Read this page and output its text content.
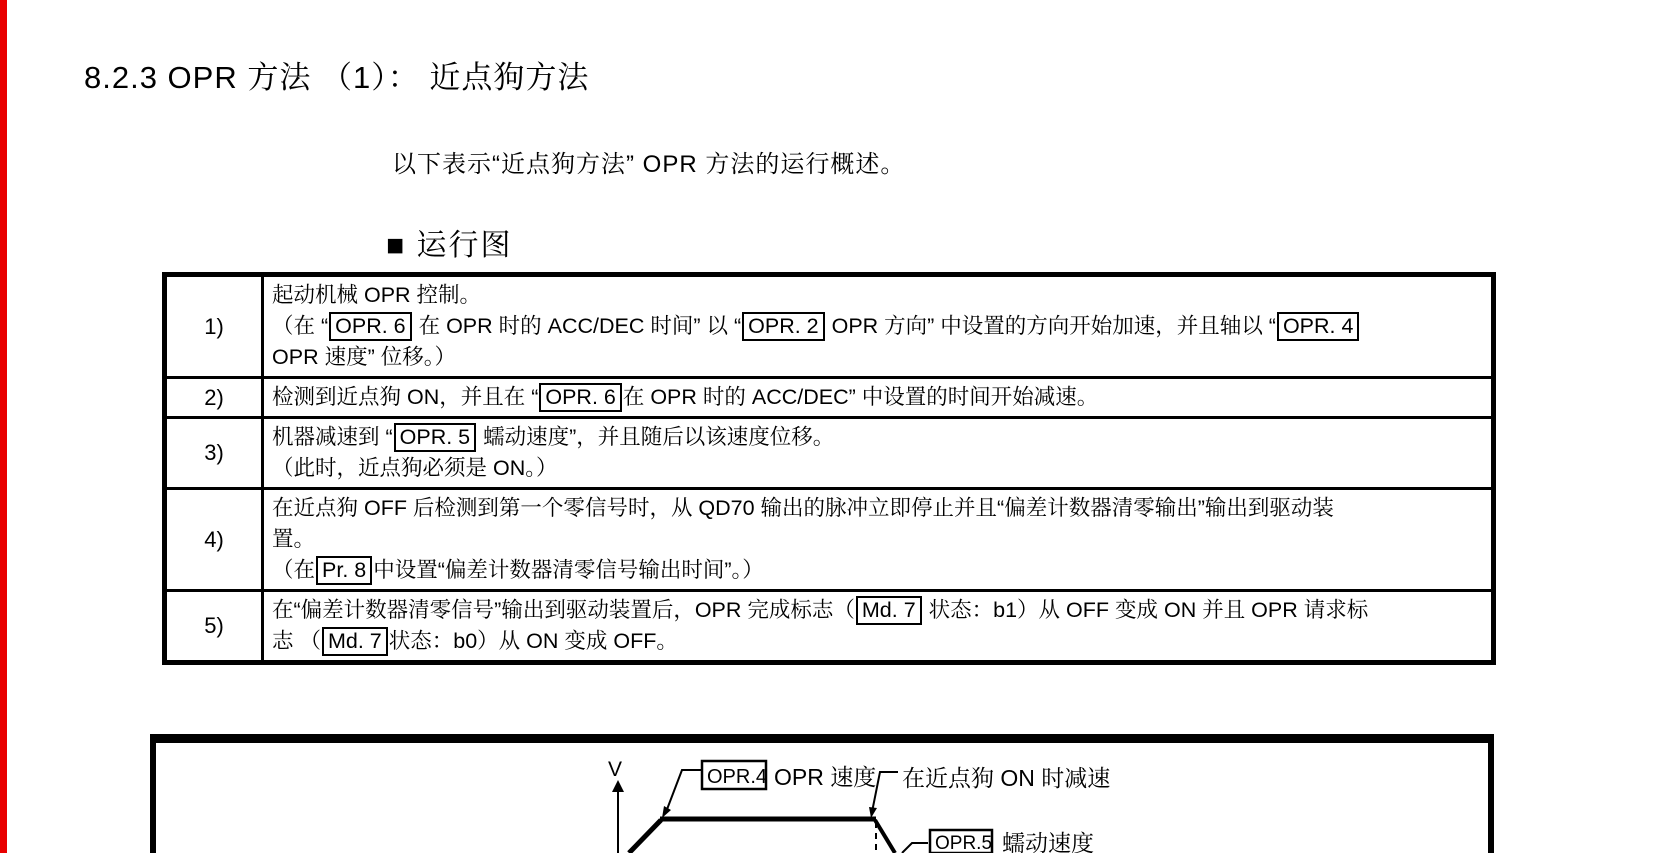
8.2.3 OPR 方法 （1）： 近点狗方法
以下表示“近点狗方法” OPR 方法的运行概述。
■ 运行图
1)	起动机械 OPR 控制。
（在 “ OPR. 6 在 OPR 时的 ACC/DEC 时间” 以 “ OPR. 2 OPR 方向” 中设置的方向开始加速，并且轴以 “ OPR. 4
OPR 速度” 位移。）

2)	检测到近点狗 ON，并且在 “ OPR. 6 在 OPR 时的 ACC/DEC” 中设置的时间开始减速。

3)	机器减速到 “ OPR. 5 蠕动速度”，并且随后以该速度位移。
（此时，近点狗必须是 ON。）

4)	在近点狗 OFF 后检测到第一个零信号时，从 QD70 输出的脉冲立即停止并且“偏差计数器清零输出”输出到驱动装
置。
（在 Pr. 8 中设置“偏差计数器清零信号输出时间”。）

5)	在“偏差计数器清零信号”输出到驱动装置后，OPR 完成标志（ Md. 7 状态：b1）从 OFF 变成 ON 并且 OPR 请求标
志 （ Md. 7 状态：b0）从 ON 变成 OFF。
V	OPR.4 OPR 速度 在近点狗 ON 时减速
OPR.5 蠕动速度
